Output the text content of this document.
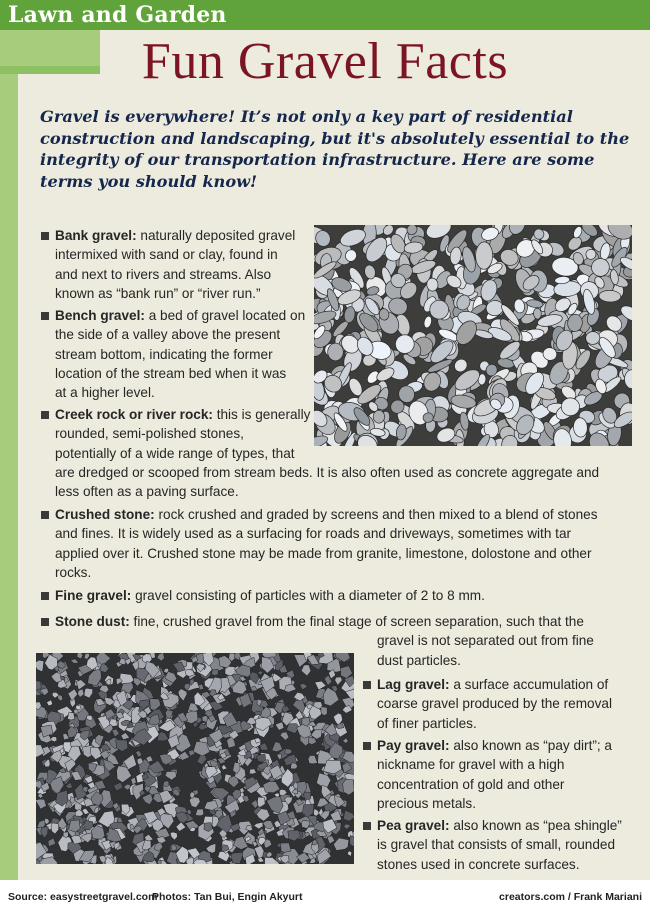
Lawn and Garden
Fun Gravel Facts
Gravel is everywhere! It’s not only a key part of residential construction and landscaping, but it's absolutely essential to the integrity of our transportation infrastructure. Here are some terms you should know!

Bank gravel: naturally deposited gravel

intermixed with sand or clay, found in

and next to rivers and streams. Also

known as “bank run” or “river run.”

Bench gravel: a bed of gravel located on

the side of a valley above the present

stream bottom, indicating the former

location of the stream bed when it was

at a higher level.

Creek rock or river rock: this is generally

rounded, semi-polished stones,

potentially of a wide range of types, that

are dredged or scooped from stream beds. It is also often used as concrete aggregate and

less often as a paving surface.

Crushed stone: rock crushed and graded by screens and then mixed to a blend of stones

and fines. It is widely used as a surfacing for roads and driveways, sometimes with tar

applied over it. Crushed stone may be made from granite, limestone, dolostone and other

rocks.

Fine gravel: gravel consisting of particles with a diameter of 2 to 8 mm.

Stone dust: fine, crushed gravel from the final stage of screen separation, such that the

gravel is not separated out from fine

dust particles.

Lag gravel: a surface accumulation of

coarse gravel produced by the removal

of finer particles.

Pay gravel: also known as “pay dirt”; a

nickname for gravel with a high

concentration of gold and other

precious metals.

Pea gravel: also known as “pea shingle”

is gravel that consists of small, rounded

stones used in concrete surfaces.

Source: easystreetgravel.com
Photos: Tan Bui, Engin Akyurt	creators.com / Frank Mariani
